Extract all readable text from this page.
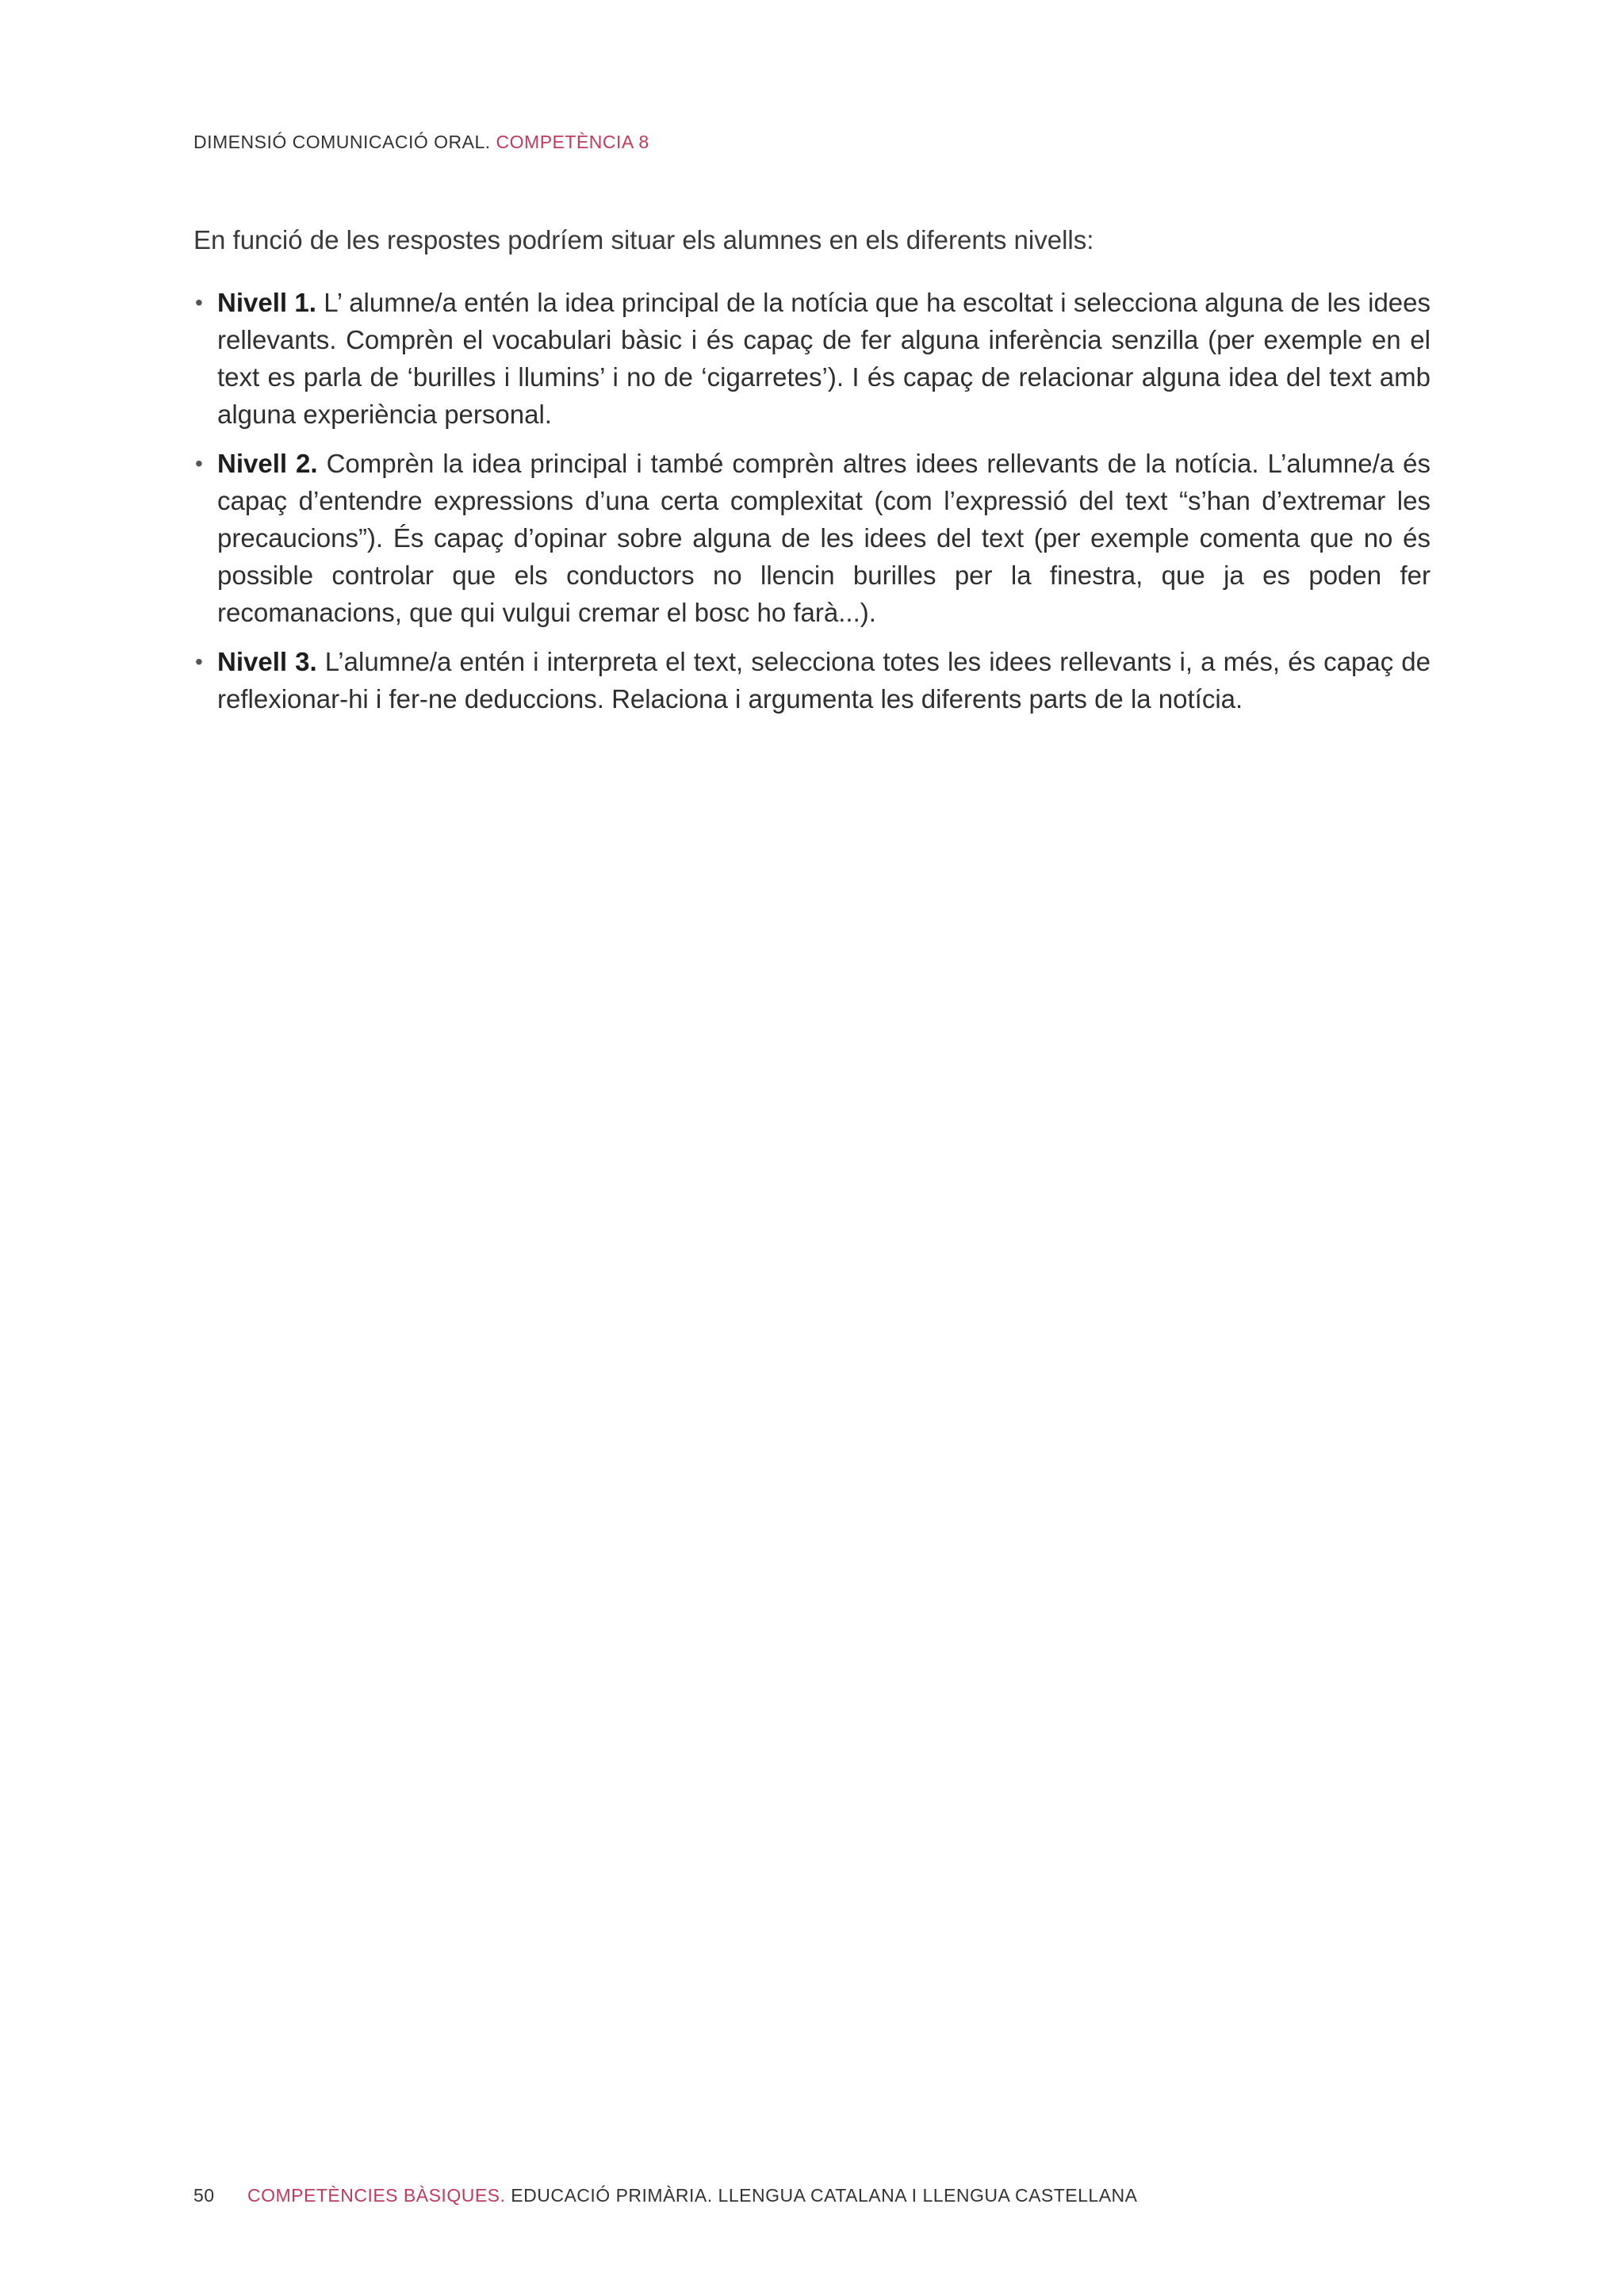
DIMENSIÓ COMUNICACIÓ ORAL. COMPETÈNCIA 8

En funció de les respostes podríem situar els alumnes en els diferents nivells:

• Nivell 1. L’ alumne/a entén la idea principal de la notícia que ha escoltat i selecciona alguna de les idees rellevants. Comprèn el vocabulari bàsic i és capaç de fer alguna inferència senzilla (per exemple en el text es parla de ‘burilles i llumins’ i no de ‘cigarretes’). I és capaç de relacionar alguna idea del text amb alguna experiència personal.
• Nivell 2. Comprèn la idea principal i també comprèn altres idees rellevants de la notícia. L’alumne/a és capaç d’entendre expressions d’una certa complexitat (com l’expressió del text “s’han d’extremar les precaucions”). És capaç d’opinar sobre alguna de les idees del text (per exemple comenta que no és possible controlar que els conductors no llencin burilles per la finestra, que ja es poden fer recomanacions, que qui vulgui cremar el bosc ho farà...).
• Nivell 3. L’alumne/a entén i interpreta el text, selecciona totes les idees rellevants i, a més, és capaç de reflexionar-hi i fer-ne deduccions. Relaciona i argumenta les diferents parts de la notícia.
50 COMPETÈNCIES BÀSIQUES. EDUCACIÓ PRIMÀRIA. LLENGUA CATALANA I LLENGUA CASTELLANA
